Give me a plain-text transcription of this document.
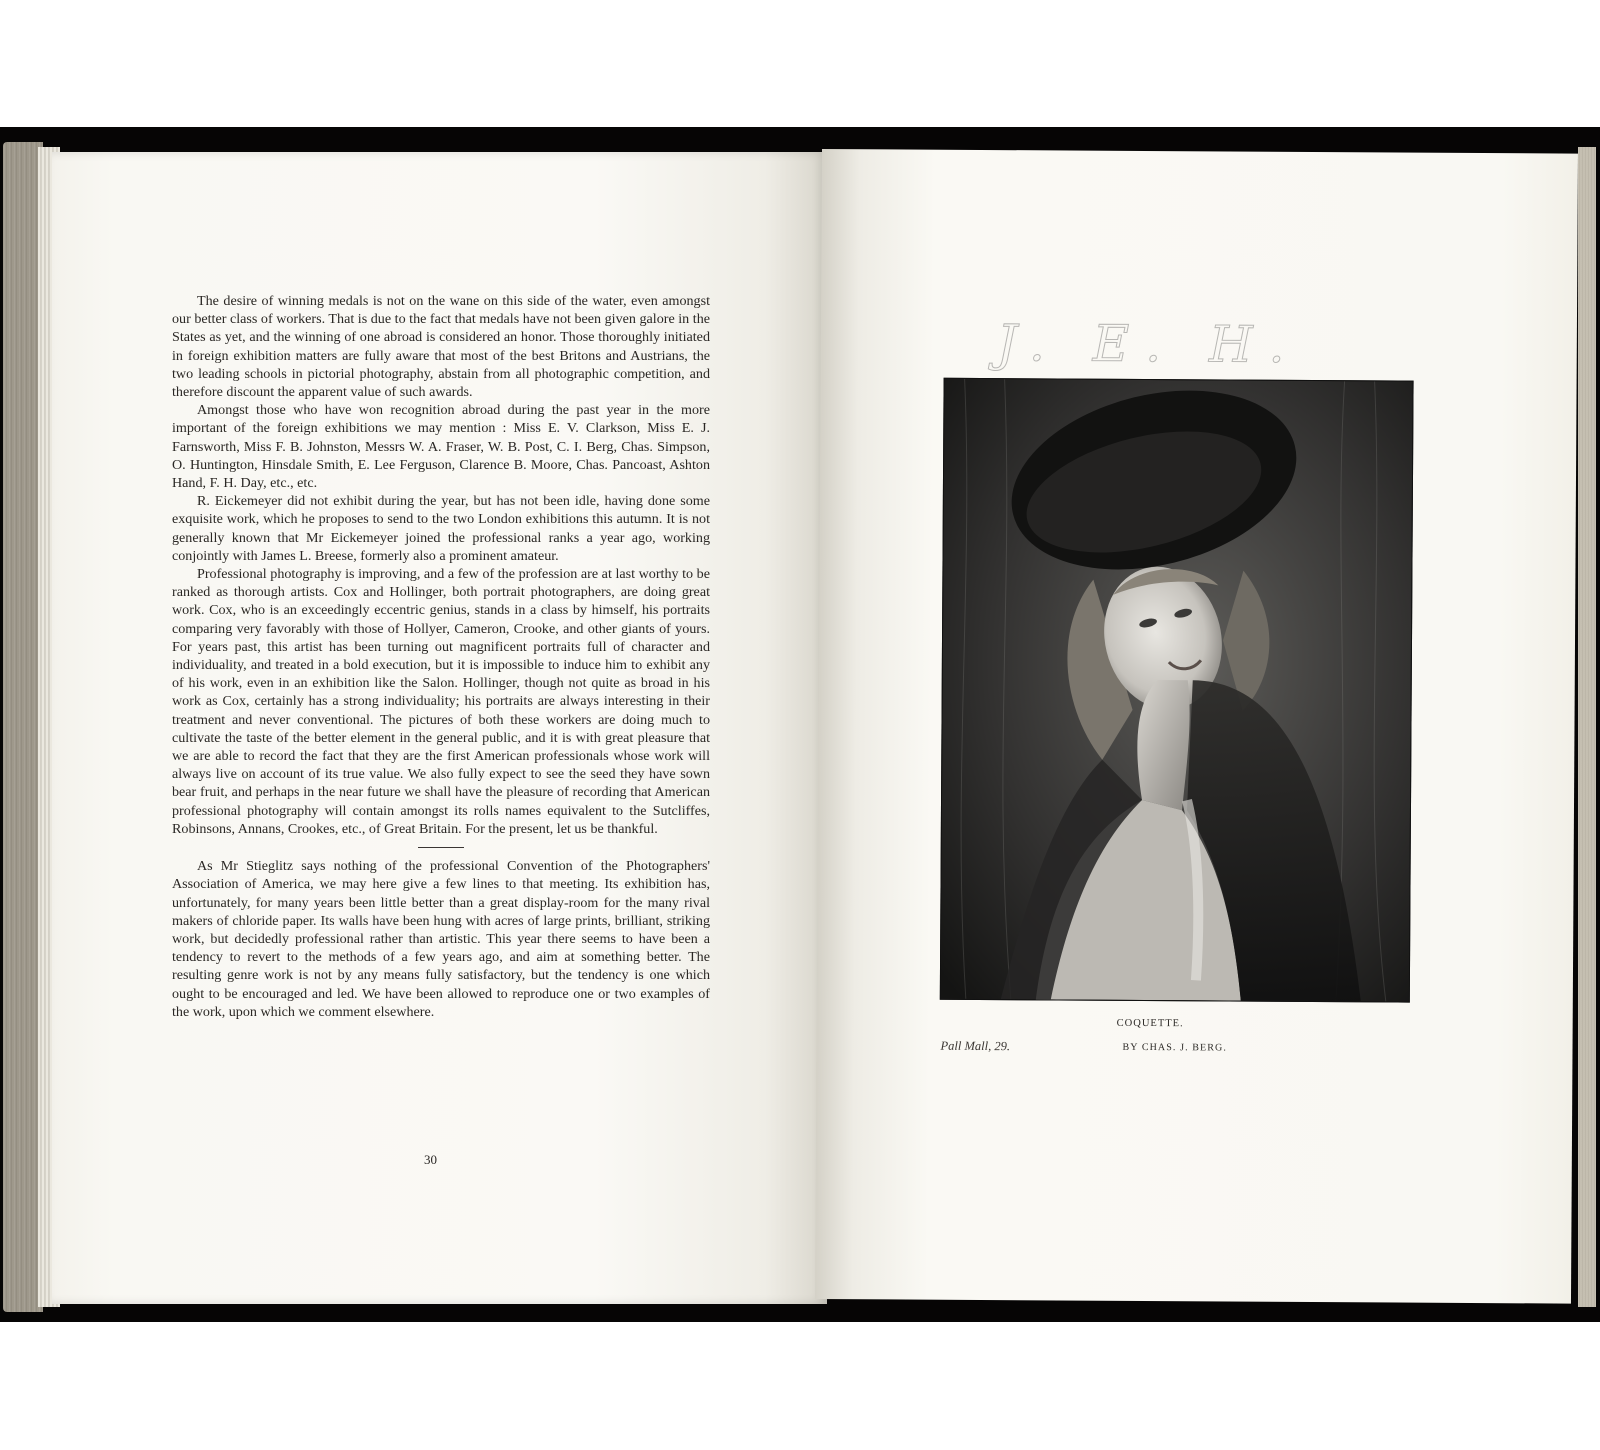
The desire of winning medals is not on the wane on this side of the water, even amongst our better class of workers. That is due to the fact that medals have not been given galore in the States as yet, and the winning of one abroad is considered an honor. Those thoroughly initiated in foreign exhibition matters are fully aware that most of the best Britons and Austrians, the two leading schools in pictorial photography, abstain from all photographic competition, and therefore discount the apparent value of such awards.

Amongst those who have won recognition abroad during the past year in the more important of the foreign exhibitions we may mention : Miss E. V. Clarkson, Miss E. J. Farnsworth, Miss F. B. Johnston, Messrs W. A. Fraser, W. B. Post, C. I. Berg, Chas. Simpson, O. Huntington, Hinsdale Smith, E. Lee Ferguson, Clarence B. Moore, Chas. Pancoast, Ashton Hand, F. H. Day, etc., etc.

R. Eickemeyer did not exhibit during the year, but has not been idle, having done some exquisite work, which he proposes to send to the two London exhibitions this autumn. It is not generally known that Mr Eickemeyer joined the professional ranks a year ago, working conjointly with James L. Breese, formerly also a prominent amateur.

Professional photography is improving, and a few of the profession are at last worthy to be ranked as thorough artists. Cox and Hollinger, both portrait photographers, are doing great work. Cox, who is an exceedingly eccentric genius, stands in a class by himself, his portraits comparing very favorably with those of Hollyer, Cameron, Crooke, and other giants of yours. For years past, this artist has been turning out magnificent portraits full of character and individuality, and treated in a bold execution, but it is impossible to induce him to exhibit any of his work, even in an exhibition like the Salon. Hollinger, though not quite as broad in his work as Cox, certainly has a strong individuality; his portraits are always interesting in their treatment and never conventional. The pictures of both these workers are doing much to cultivate the taste of the better element in the general public, and it is with great pleasure that we are able to record the fact that they are the first American professionals whose work will always live on account of its true value. We also fully expect to see the seed they have sown bear fruit, and perhaps in the near future we shall have the pleasure of recording that American professional photography will contain amongst its rolls names equivalent to the Sutcliffes, Robinsons, Annans, Crookes, etc., of Great Britain. For the present, let us be thankful.

As Mr Stieglitz says nothing of the professional Convention of the Photographers' Association of America, we may here give a few lines to that meeting. Its exhibition has, unfortunately, for many years been little better than a great display-room for the many rival makers of chloride paper. Its walls have been hung with acres of large prints, brilliant, striking work, but decidedly professional rather than artistic. This year there seems to have been a tendency to revert to the methods of a few years ago, and aim at something better. The resulting genre work is not by any means fully satisfactory, but the tendency is one which ought to be encouraged and led. We have been allowed to reproduce one or two examples of the work, upon which we comment elsewhere.

30
J. E. H.
COQUETTE.
Pall Mall, 29.	BY CHAS. J. BERG.
